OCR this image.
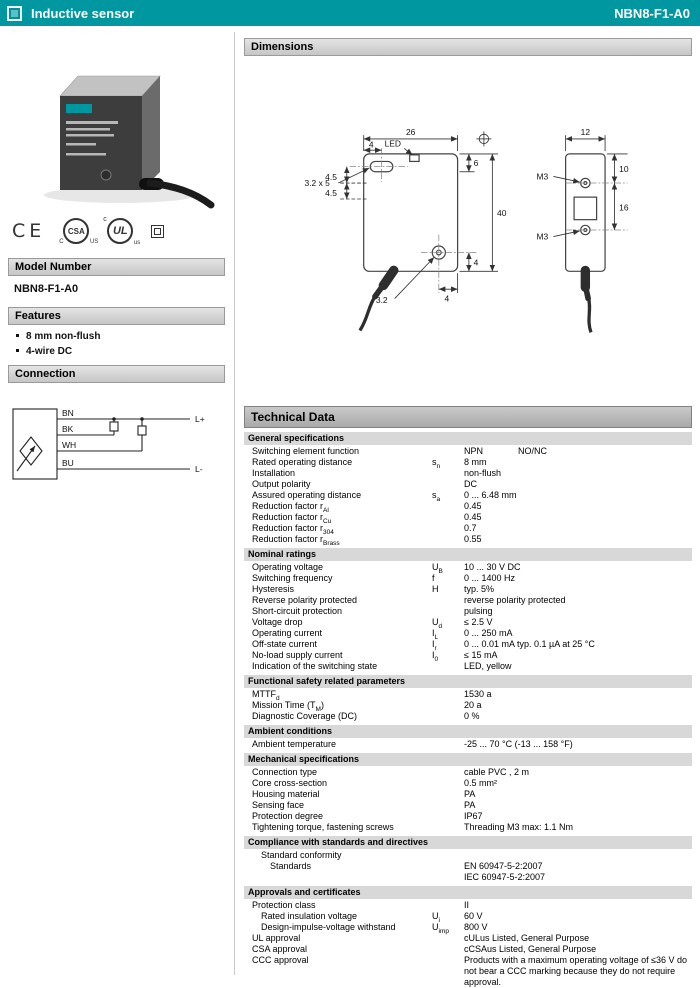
Inductive sensor	NBN8-F1-A0
CE	CSA
C	US
c
UL
us
Model Number
NBN8-F1-A0
Features
8 mm non-flush
4-wire DC
Connection
BN
BK
WH
BU
L+
L-
Dimensions
26
4 LED
3.2 x 5
4.5
4.5
6
40
3.2	4
4
12
10
16
M3
M3
Technical Data
General specifications
Switching element function	NPN              NO/NC
Rated operating distance	$s_n$	8 mm
Installation	non-flush
Output polarity	DC
Assured operating distance	$s_a$	0 ... 6.48 mm
Reduction factor $r_{Al}$	0.45
Reduction factor $r_{Cu}$	0.45
Reduction factor $r_{304}$	0.7
Reduction factor $r_{Brass}$	0.55
Nominal ratings
Operating voltage	$U_B$	10 ... 30 V DC
Switching frequency	f	0 ... 1400 Hz
Hysteresis	H	typ. 5%
Reverse polarity protected	reverse polarity protected
Short-circuit protection	pulsing
Voltage drop	$U_d$	≤ 2.5 V
Operating current	$I_L$	0 ... 250 mA
Off-state current	$I_r$	0 ... 0.01 mA typ. 0.1 µA at 25 °C
No-load supply current	$I_0$	≤ 15 mA
Indication of the switching state	LED, yellow
Functional safety related parameters
$MTTF_d$	1530 a
Mission Time $(T_M)$	20 a
Diagnostic Coverage (DC)	0 %
Ambient conditions
Ambient temperature	-25 ... 70 °C (-13 ... 158 °F)
Mechanical specifications
Connection type	cable PVC , 2 m
Core cross-section	0.5 mm²
Housing material	PA
Sensing face	PA
Protection degree	IP67
Tightening torque, fastening screws	Threading M3 max: 1.1 Nm
Compliance with standards and directives
Standard conformity
Standards	EN 60947-5-2:2007
IEC 60947-5-2:2007
Approvals and certificates
Protection class	II
Rated insulation voltage	$U_i$	60 V
Design-impulse-voltage withstand	$U_{imp}$	800 V
UL approval	cULus Listed, General Purpose
CSA approval	cCSAus Listed, General Purpose
CCC approval	Products with a maximum operating voltage of ≤36 V do not bear a CCC marking because they do not require approval.
